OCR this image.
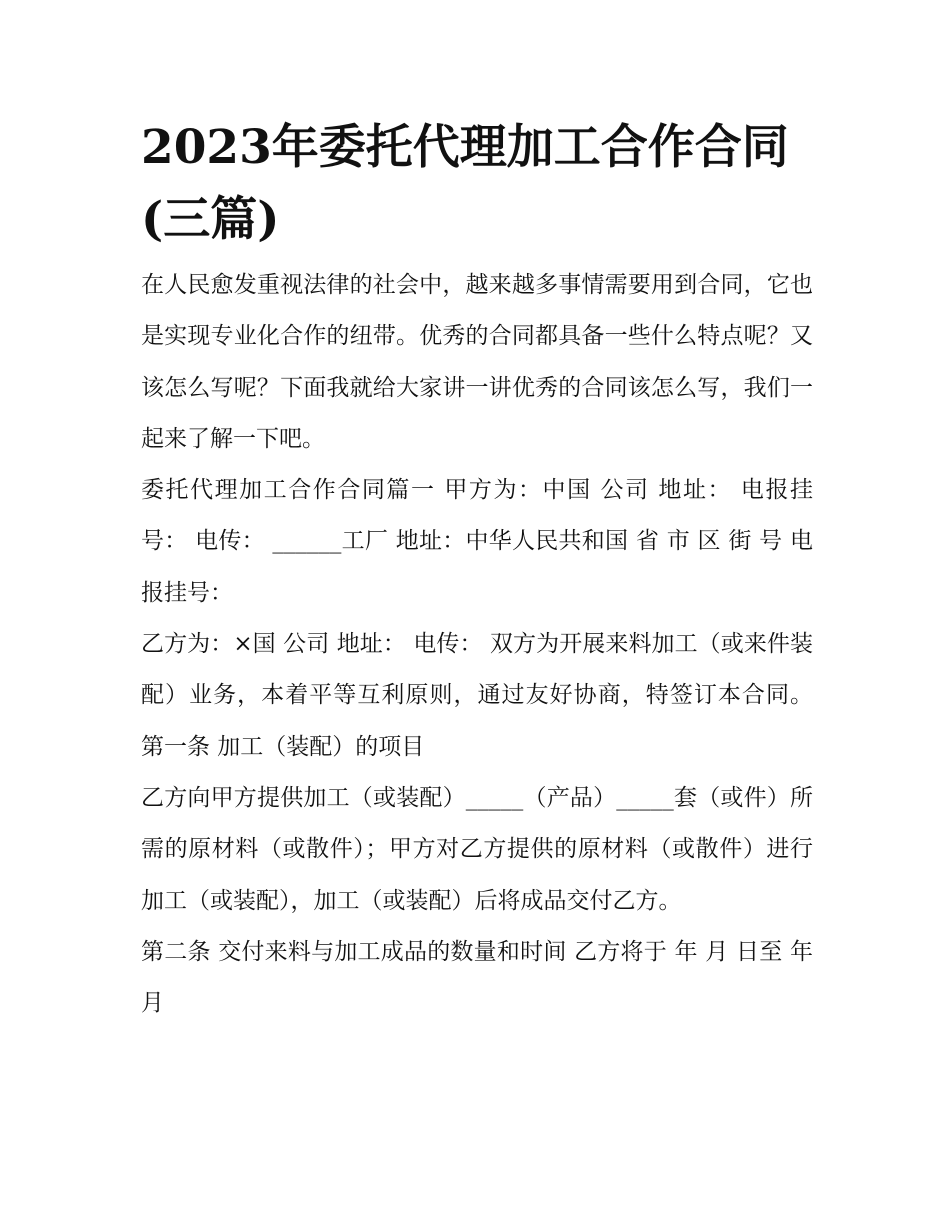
2023年委托代理加工合作合同(三篇)

在人民愈发重视法律的社会中，越来越多事情需要用到合同，它也是实现专业化合作的纽带。优秀的合同都具备一些什么特点呢？又该怎么写呢？下面我就给大家讲一讲优秀的合同该怎么写，我们一起来了解一下吧。

委托代理加工合作合同篇一 甲方为：中国 公司 地址： 电报挂号： 电传： ______工厂 地址：中华人民共和国 省 市 区 街 号 电报挂号：

乙方为：×国 公司 地址： 电传： 双方为开展来料加工（或来件装配）业务，本着平等互利原则，通过友好协商，特签订本合同。 第一条 加工（装配）的项目

乙方向甲方提供加工（或装配）_____（产品）_____套（或件）所需的原材料（或散件）；甲方对乙方提供的原材料（或散件）进行加工（或装配），加工（或装配）后将成品交付乙方。

第二条 交付来料与加工成品的数量和时间 乙方将于 年 月 日至 年 月
